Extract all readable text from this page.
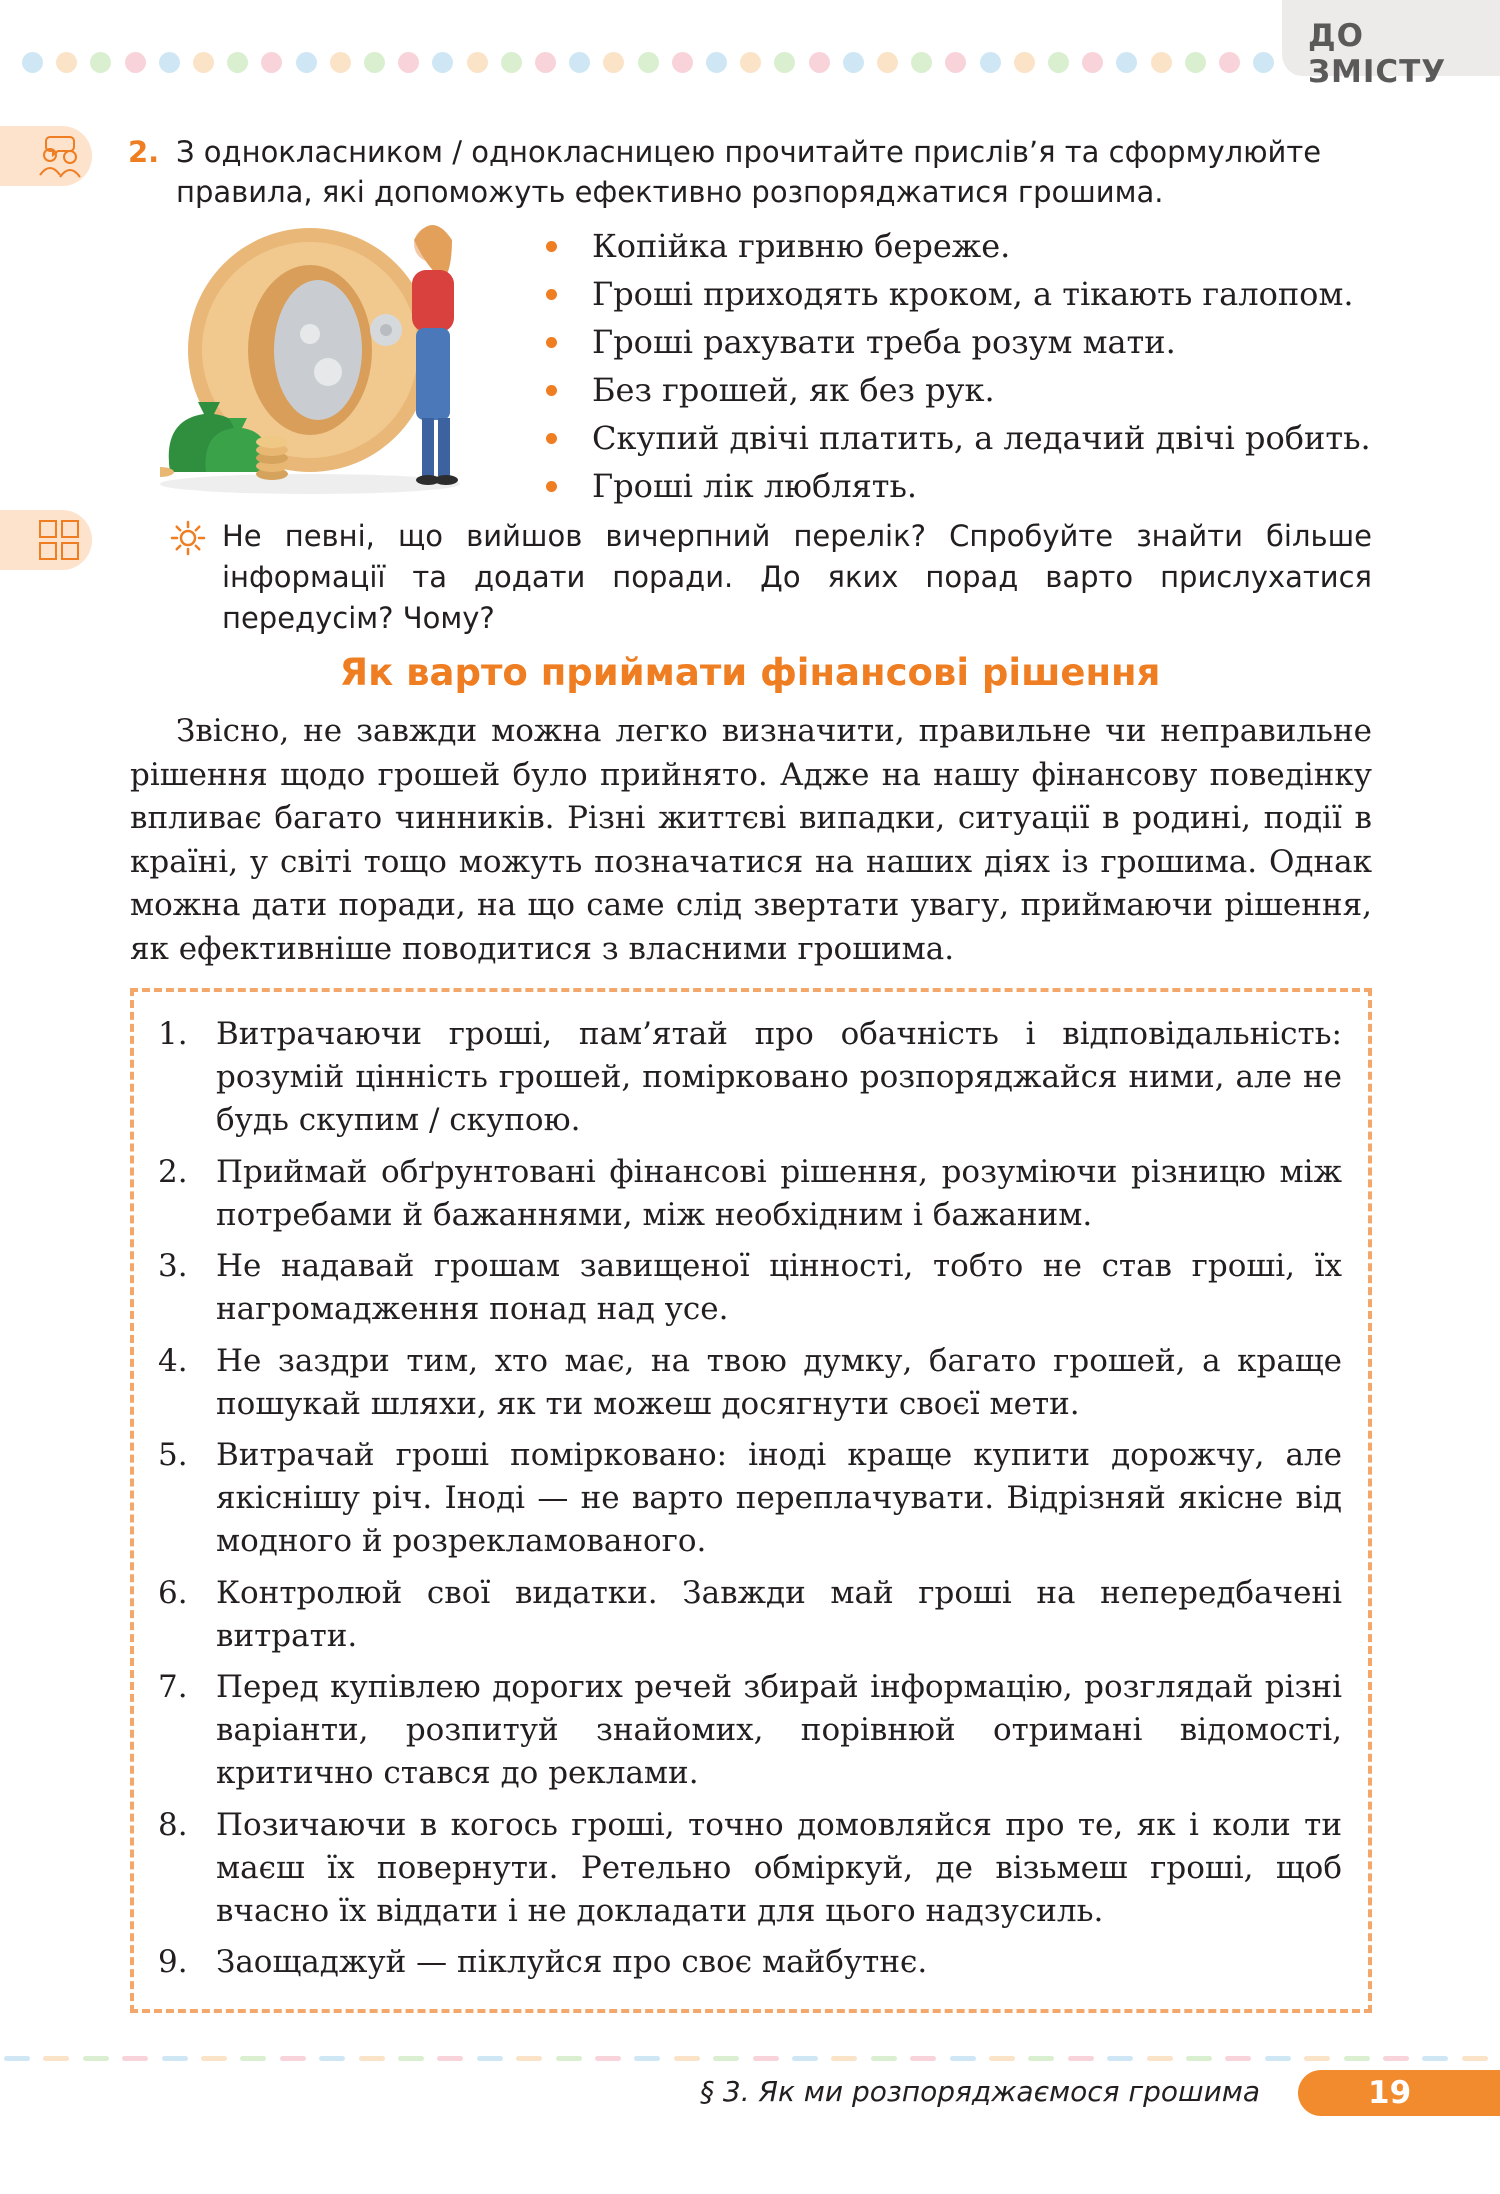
ДО ЗМІСТУ
2. З однокласником / однокласницею прочитайте прислів’я та сформулюйте правила, які допоможуть ефективно розпоряджатися грошима.
Копійка гривню береже.
Гроші приходять кроком, а тікають галопом.
Гроші рахувати треба розум мати.
Без грошей, як без рук.
Скупий двічі платить, а ледачий двічі робить.
Гроші лік люблять.
Не певні, що вийшов вичерпний перелік? Спробуйте знайти більше інформації та додати поради. До яких порад варто прислухатися передусім? Чому?
Як варто приймати фінансові рішення
Звісно, не завжди можна легко визначити, правильне чи неправильне рішення щодо грошей було прийнято. Адже на нашу фінансову поведінку впливає багато чинників. Різні життєві випадки, ситуації в родині, події в країні, у світі тощо можуть позначатися на наших діях із грошима. Однак можна дати поради, на що саме слід звертати увагу, приймаючи рішення, як ефективніше поводитися з власними грошима.
1. Витрачаючи гроші, пам’ятай про обачність і відповідальність: розумій цінність грошей, помірковано розпоряджайся ними, але не будь скупим / скупою.
2. Приймай обґрунтовані фінансові рішення, розуміючи різницю між потребами й бажаннями, між необхідним і бажаним.
3. Не надавай грошам завищеної цінності, тобто не став гроші, їх нагромадження понад над усе.
4. Не заздри тим, хто має, на твою думку, багато грошей, а краще пошукай шляхи, як ти можеш досягнути своєї мети.
5. Витрачай гроші помірковано: іноді краще купити дорожчу, але якіснішу річ. Іноді — не варто переплачувати. Відрізняй якісне від модного й розрекламованого.
6. Контролюй свої видатки. Завжди май гроші на непередбачені витрати.
7. Перед купівлею дорогих речей збирай інформацію, розглядай різні варіанти, розпитуй знайомих, порівнюй отримані відомості, критично стався до реклами.
8. Позичаючи в когось гроші, точно домовляйся про те, як і коли ти маєш їх повернути. Ретельно обміркуй, де візьмеш гроші, щоб вчасно їх віддати і не докладати для цього надзусиль.
9. Заощаджуй — піклуйся про своє майбутнє.
§ 3. Як ми розпоряджаємося грошима	19
